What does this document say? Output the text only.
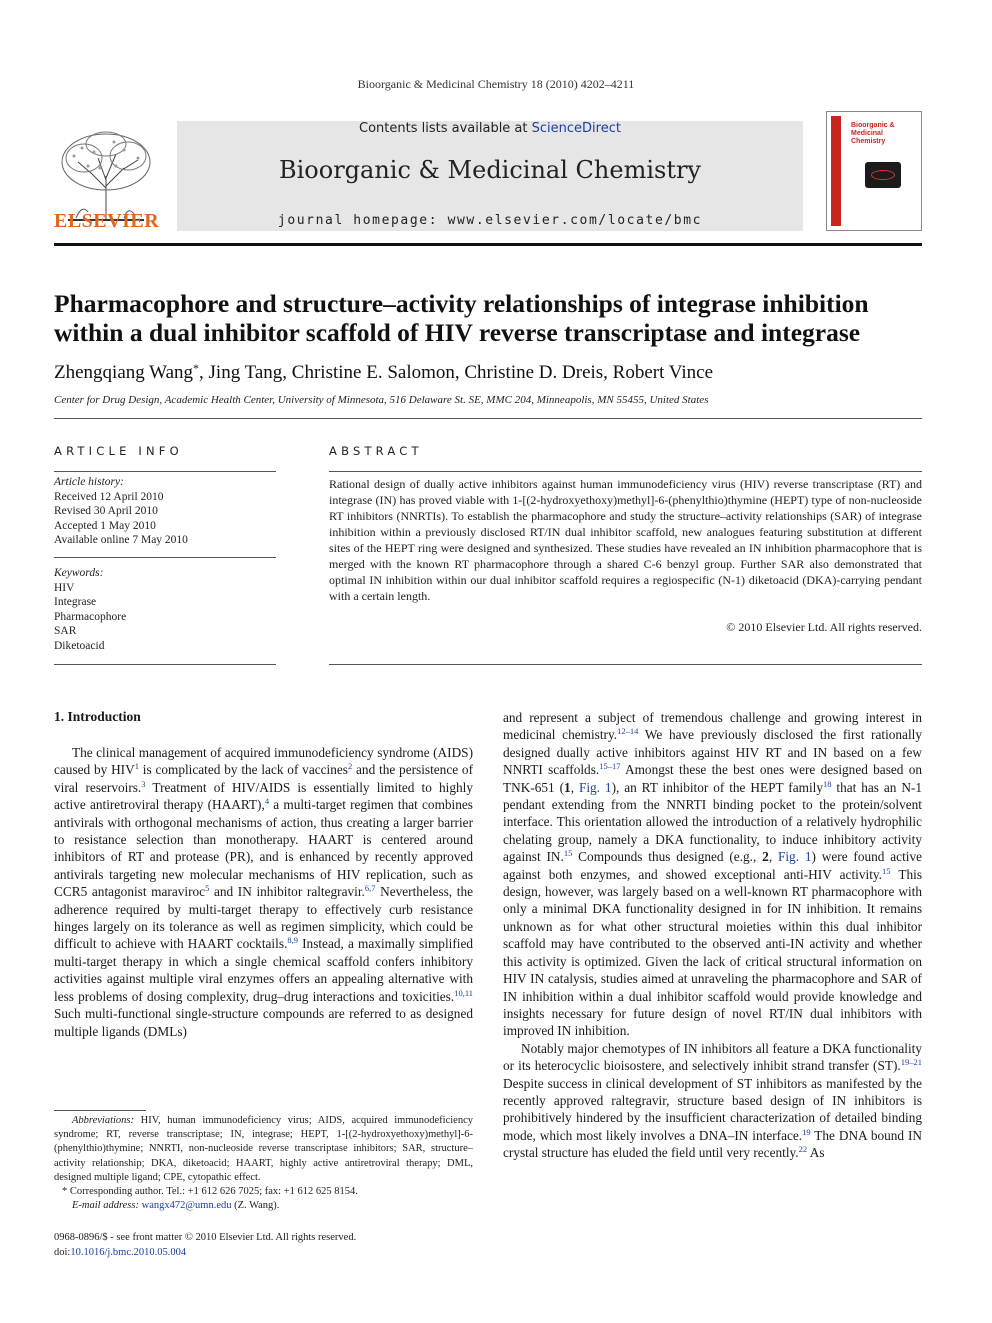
Bioorganic & Medicinal Chemistry 18 (2010) 4202–4211
ELSEVIER
Contents lists available at ScienceDirect
Bioorganic & Medicinal Chemistry
journal homepage: www.elsevier.com/locate/bmc
Bioorganic & Medicinal Chemistry
Pharmacophore and structure–activity relationships of integrase inhibition within a dual inhibitor scaffold of HIV reverse transcriptase and integrase
Zhengqiang Wang*, Jing Tang, Christine E. Salomon, Christine D. Dreis, Robert Vince
Center for Drug Design, Academic Health Center, University of Minnesota, 516 Delaware St. SE, MMC 204, Minneapolis, MN 55455, United States
ARTICLE INFO	ABSTRACT
Article history:
Received 12 April 2010
Revised 30 April 2010
Accepted 1 May 2010
Available online 7 May 2010
Keywords:
HIV
Integrase
Pharmacophore
SAR
Diketoacid
Rational design of dually active inhibitors against human immunodeficiency virus (HIV) reverse transcriptase (RT) and integrase (IN) has proved viable with 1-[(2-hydroxyethoxy)methyl]-6-(phenylthio)thymine (HEPT) type of non-nucleoside RT inhibitors (NNRTIs). To establish the pharmacophore and study the structure–activity relationships (SAR) of integrase inhibition within a previously disclosed RT/IN dual inhibitor scaffold, new analogues featuring substitution at different sites of the HEPT ring were designed and synthesized. These studies have revealed an IN inhibition pharmacophore that is merged with the known RT pharmacophore through a shared C-6 benzyl group. Further SAR also demonstrated that optimal IN inhibition within our dual inhibitor scaffold requires a regiospecific (N-1) diketoacid (DKA)-carrying pendant with a certain length.
© 2010 Elsevier Ltd. All rights reserved.
1. Introduction

The clinical management of acquired immunodeficiency syndrome (AIDS) caused by HIV$^1$ is complicated by the lack of vaccines$^2$ and the persistence of viral reservoirs.$^3$ Treatment of HIV/AIDS is essentially limited to highly active antiretroviral therapy (HAART),$^4$ a multi-target regimen that combines antivirals with orthogonal mechanisms of action, thus creating a larger barrier to resistance selection than monotherapy. HAART is centered around inhibitors of RT and protease (PR), and is enhanced by recently approved antivirals targeting new molecular mechanisms of HIV replication, such as CCR5 antagonist maraviroc$^5$ and IN inhibitor raltegravir.$^{6,7}$ Nevertheless, the adherence required by multi-target therapy to effectively curb resistance hinges largely on its tolerance as well as regimen simplicity, which could be difficult to achieve with HAART cocktails.$^{8,9}$ Instead, a maximally simplified multi-target therapy in which a single chemical scaffold confers inhibitory activities against multiple viral enzymes offers an appealing alternative with less problems of dosing complexity, drug–drug interactions and toxicities.$^{10,11}$ Such multi-functional single-structure compounds are referred to as designed multiple ligands (DMLs)

and represent a subject of tremendous challenge and growing interest in medicinal chemistry.$^{12-14}$ We have previously disclosed the first rationally designed dually active inhibitors against HIV RT and IN based on a few NNRTI scaffolds.$^{15-17}$ Amongst these the best ones were designed based on TNK-651 (1, Fig. 1), an RT inhibitor of the HEPT family$^{18}$ that has an N-1 pendant extending from the NNRTI binding pocket to the protein/solvent interface. This orientation allowed the introduction of a relatively hydrophilic chelating group, namely a DKA functionality, to induce inhibitory activity against IN.$^{15}$ Compounds thus designed (e.g., 2, Fig. 1) were found active against both enzymes, and showed exceptional anti-HIV activity.$^{15}$ This design, however, was largely based on a well-known RT pharmacophore with only a minimal DKA functionality designed in for IN inhibition. It remains unknown as for what other structural moieties within this dual inhibitor scaffold may have contributed to the observed anti-IN activity and whether this activity is optimized. Given the lack of critical structural information on HIV IN catalysis, studies aimed at unraveling the pharmacophore and SAR of IN inhibition within a dual inhibitor scaffold would provide knowledge and insights necessary for future design of novel RT/IN dual inhibitors with improved IN inhibition.

Notably major chemotypes of IN inhibitors all feature a DKA functionality or its heterocyclic bioisostere, and selectively inhibit strand transfer (ST).$^{19-21}$ Despite success in clinical development of ST inhibitors as manifested by the recently approved raltegravir, structure based design of IN inhibitors is prohibitively hindered by the insufficient characterization of detailed binding mode, which most likely involves a DNA–IN interface.$^{19}$ The DNA bound IN crystal structure has eluded the field until very recently.$^{22}$ As

Abbreviations: HIV, human immunodeficiency virus; AIDS, acquired immunodeficiency syndrome; RT, reverse transcriptase; IN, integrase; HEPT, 1-[(2-hydroxyethoxy)methyl]-6-(phenylthio)thymine; NNRTI, non-nucleoside reverse transcriptase inhibitors; SAR, structure–activity relationship; DKA, diketoacid; HAART, highly active antiretroviral therapy; DML, designed multiple ligand; CPE, cytopathic effect.
* Corresponding author. Tel.: +1 612 626 7025; fax: +1 612 625 8154.
E-mail address: wangx472@umn.edu (Z. Wang).
0968-0896/$ - see front matter © 2010 Elsevier Ltd. All rights reserved.
doi:10.1016/j.bmc.2010.05.004
